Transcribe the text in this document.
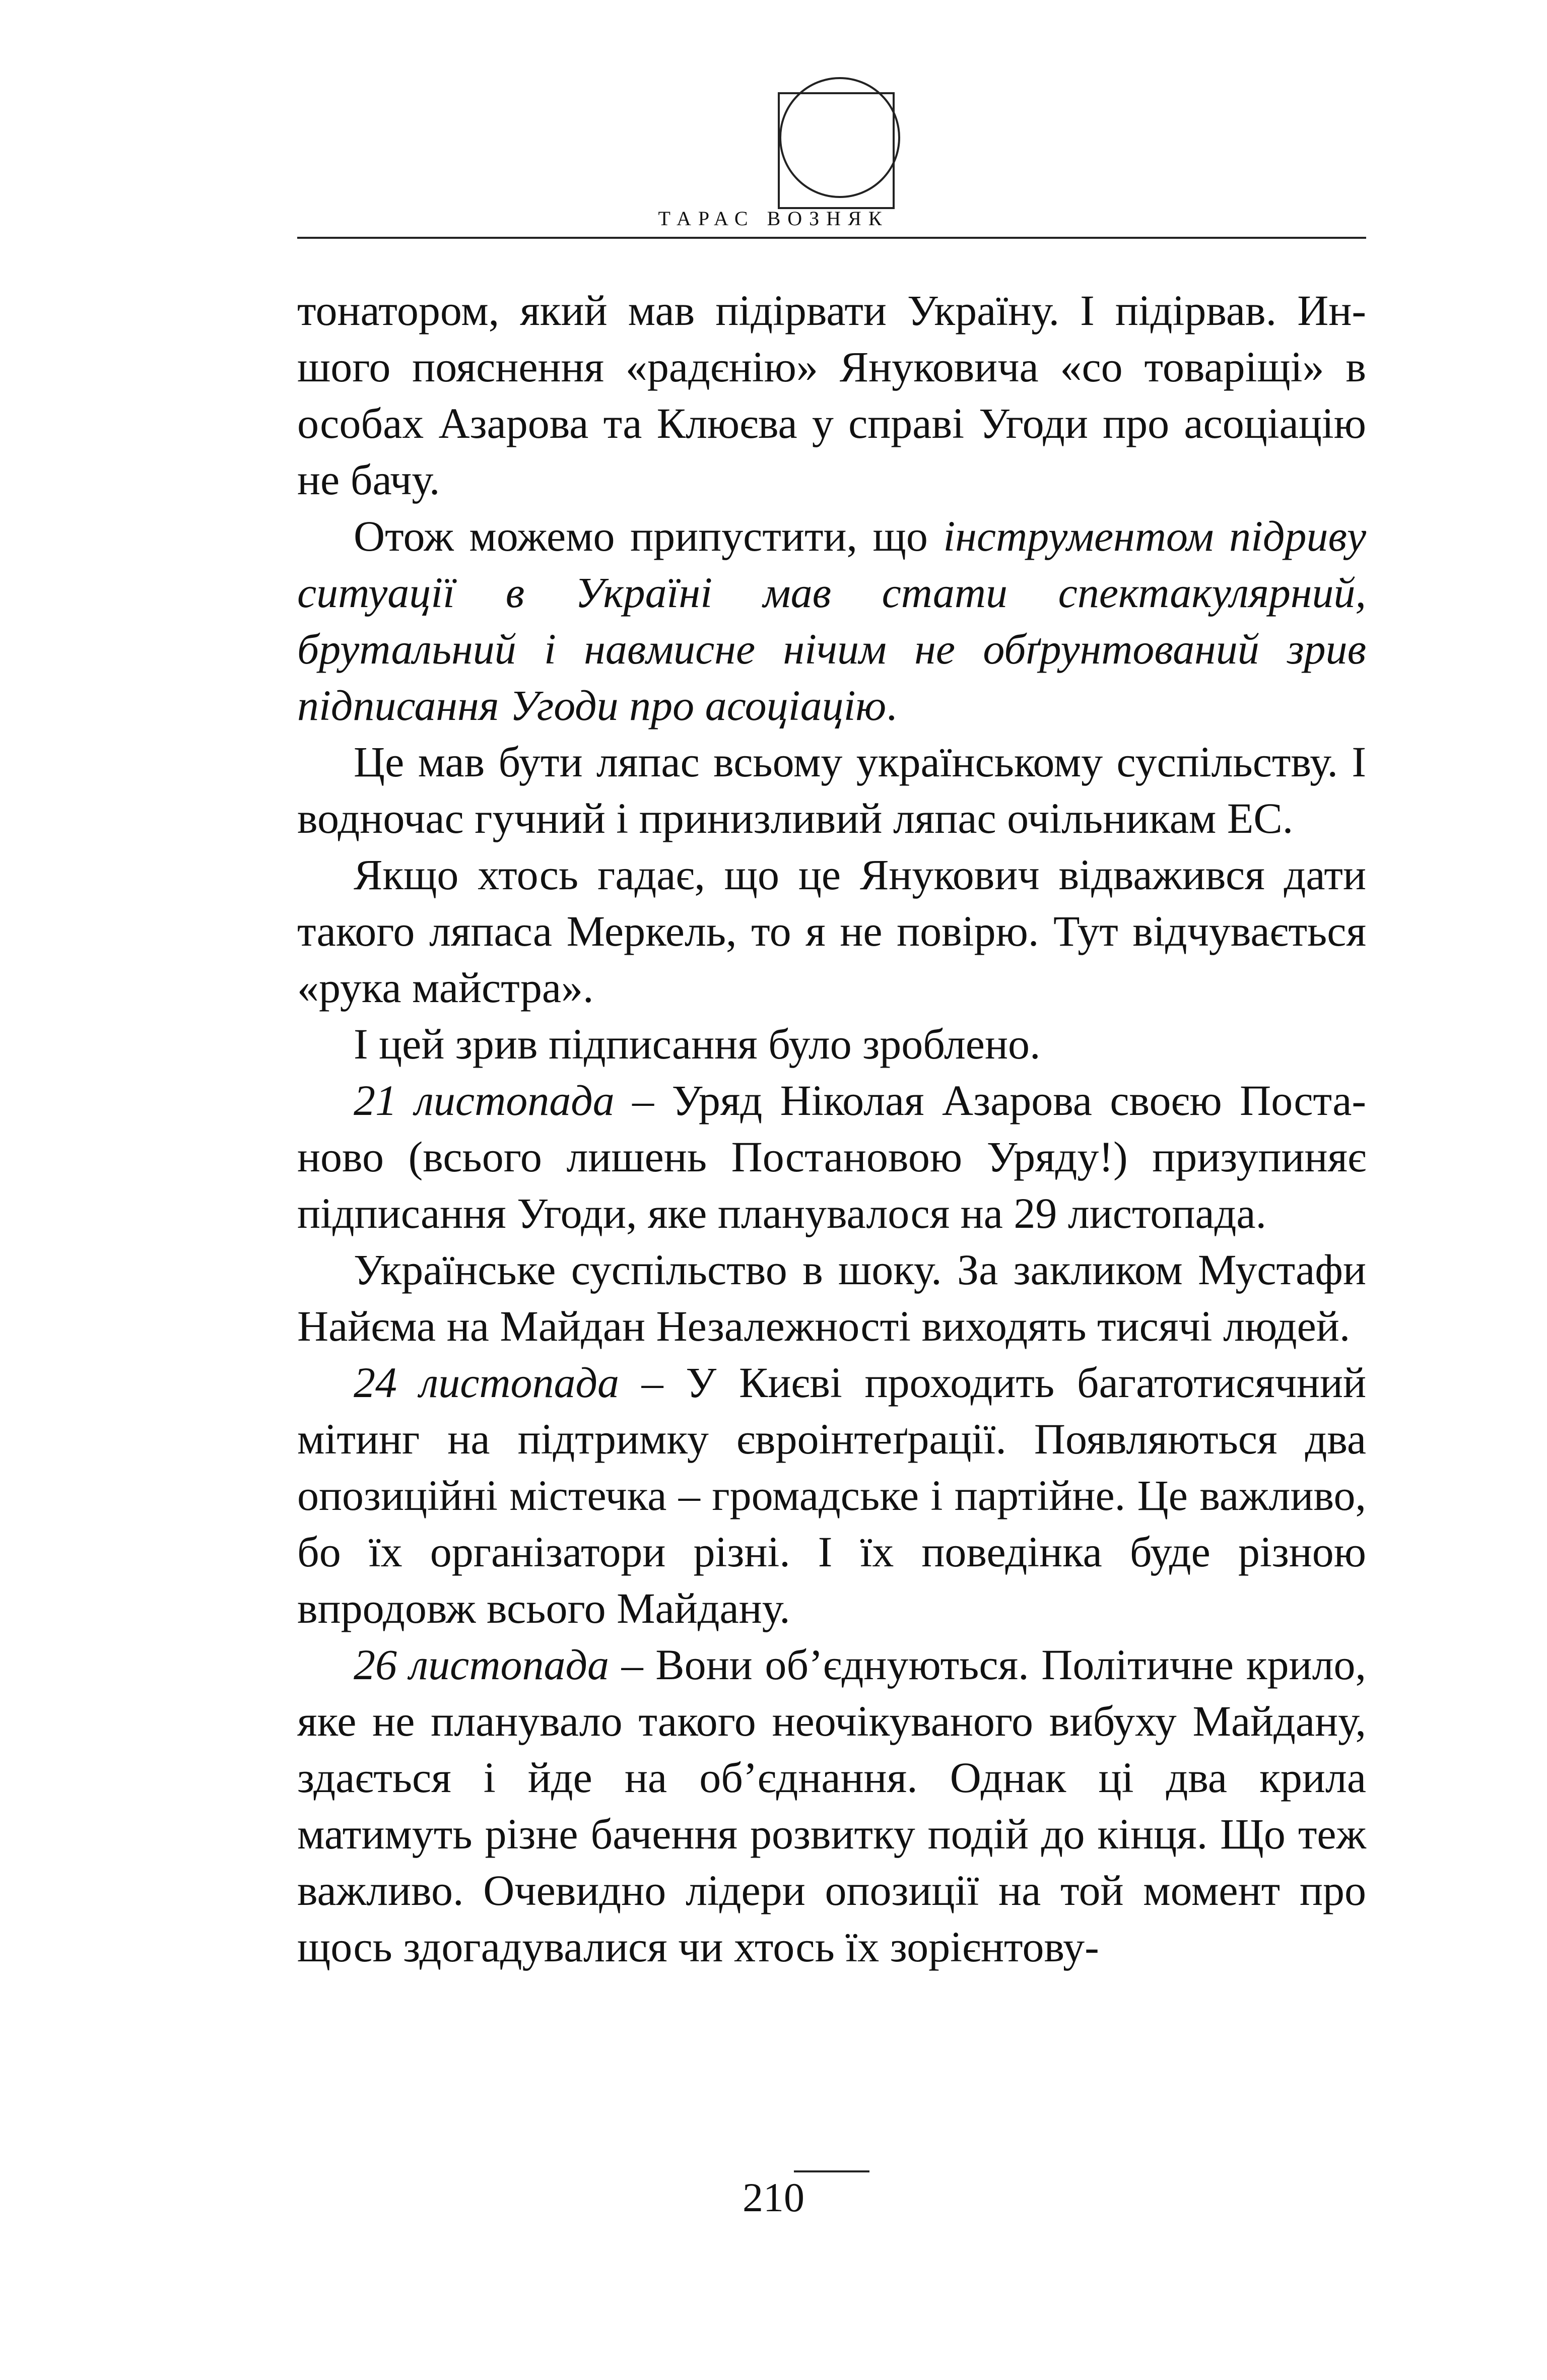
ТАРАС ВОЗНЯК

тонатором, який мав підірвати Україну. І підірвав. Иншого пояснення «радєнію» Януковича «со товаріщі» в особах Азарова та Клюєва у справі Угоди про асоціацію не бачу.

Отож можемо припустити, що інструментом підриву ситуації в Україні мав стати спектакулярний, брутальний і навмисне нічим не обґрунтований зрив підписання Угоди про асоціацію.

Це мав бути ляпас всьому українському суспільству. І водночас гучний і принизливий ляпас очільникам ЕС.

Якщо хтось гадає, що це Янукович відважився дати такого ляпаса Меркель, то я не повірю. Тут відчувається «рука майстра».

І цей зрив підписання було зроблено.

21 листопада – Уряд Ніколая Азарова своєю Постаново (всього лишень Постановою Уряду!) призупиняє підписання Угоди, яке планувалося на 29 листопада.

Українське суспільство в шоку. За закликом Мустафи Найєма на Майдан Незалежності виходять тисячі людей.

24 листопада – У Києві проходить багатотисячний мітинг на підтримку євроінтеґрації. Появляються два опозиційні містечка – громадське і партійне. Це важливо, бо їх організатори різні. І їх поведінка буде різною впродовж всього Майдану.

26 листопада – Вони об’єднуються. Політичне крило, яке не планувало такого неочікуваного вибуху Майдану, здається і йде на об’єднання. Однак ці два крила матимуть різне бачення розвитку подій до кінця. Що теж важливо. Очевидно лідери опозиції на той момент про щось здогадувалися чи хтось їх зорієнтову-

210
